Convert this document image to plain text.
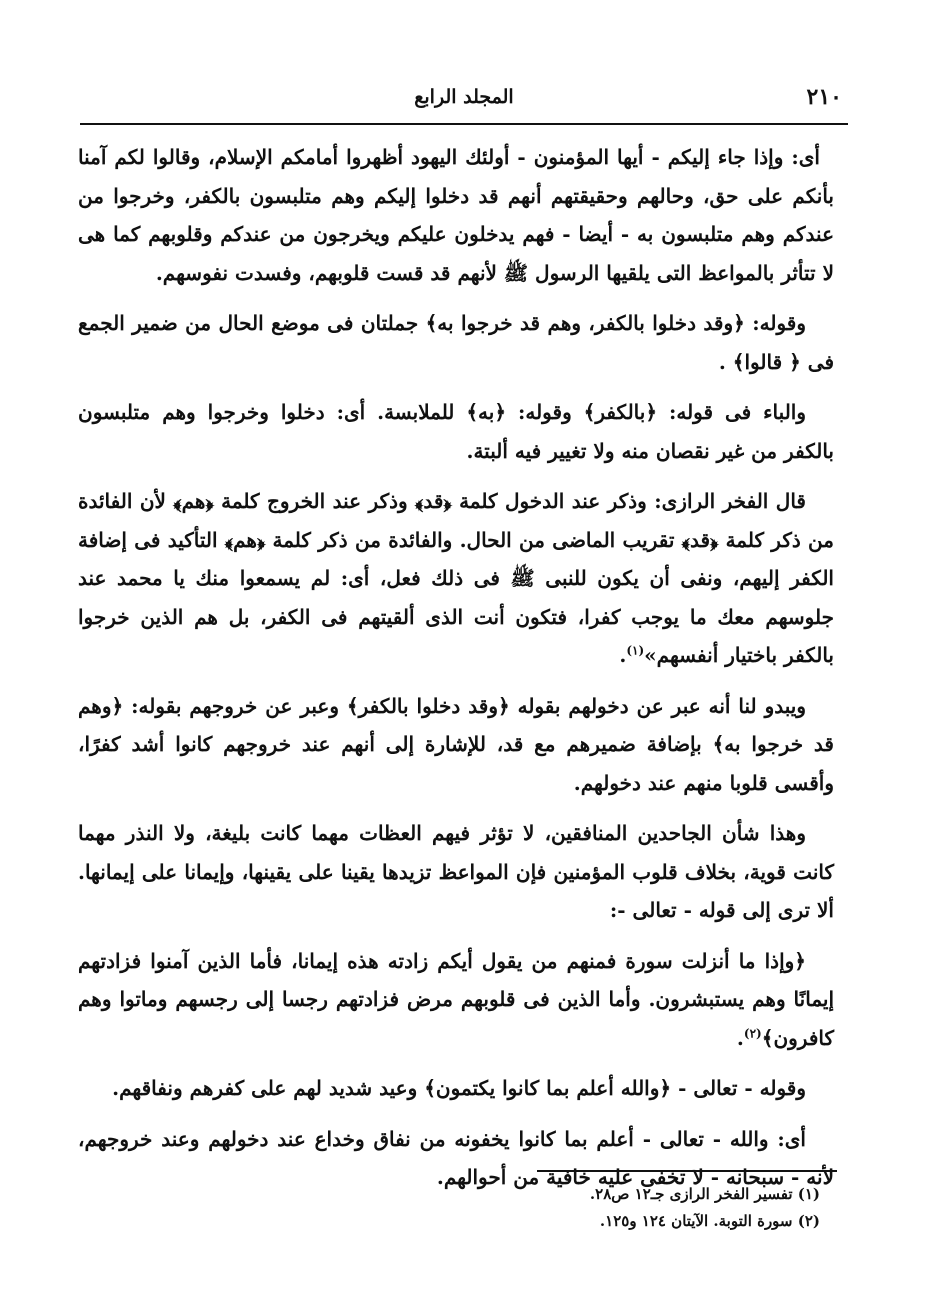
٢١٠
المجلد الرابع

أى: وإذا جاء إليكم - أيها المؤمنون - أولئك اليهود أظهروا أمامكم الإسلام، وقالوا لكم آمنا بأنكم على حق، وحالهم وحقيقتهم أنهم قد دخلوا إليكم وهم متلبسون بالكفر، وخرجوا من عندكم وهم متلبسون به - أيضا - فهم يدخلون عليكم ويخرجون من عندكم وقلوبهم كما هى لا تتأثر بالمواعظ التى يلقيها الرسول ﷺ لأنهم قد قست قلوبهم، وفسدت نفوسهم.

وقوله: ﴿وقد دخلوا بالكفر، وهم قد خرجوا به﴾ جملتان فى موضع الحال من ضمير الجمع فى ﴿ قالوا﴾ .

والباء فى قوله: ﴿بالكفر﴾ وقوله: ﴿به﴾ للملابسة. أى: دخلوا وخرجوا وهم متلبسون بالكفر من غير نقصان منه ولا تغيير فيه ألبتة.

قال الفخر الرازى: وذكر عند الدخول كلمة ﴿قد﴾ وذكر عند الخروج كلمة ﴿هم﴾ لأن الفائدة من ذكر كلمة ﴿قد﴾ تقريب الماضى من الحال. والفائدة من ذكر كلمة ﴿هم﴾ التأكيد فى إضافة الكفر إليهم، ونفى أن يكون للنبى ﷺ فى ذلك فعل، أى: لم يسمعوا منك يا محمد عند جلوسهم معك ما يوجب كفرا، فتكون أنت الذى ألقيتهم فى الكفر، بل هم الذين خرجوا بالكفر باختيار أنفسهم»$^{(١)}$.

ويبدو لنا أنه عبر عن دخولهم بقوله ﴿وقد دخلوا بالكفر﴾ وعبر عن خروجهم بقوله: ﴿وهم قد خرجوا به﴾ بإضافة ضميرهم مع قد، للإشارة إلى أنهم عند خروجهم كانوا أشد كفرًا، وأقسى قلوبا منهم عند دخولهم.

وهذا شأن الجاحدين المنافقين، لا تؤثر فيهم العظات مهما كانت بليغة، ولا النذر مهما كانت قوية، بخلاف قلوب المؤمنين فإن المواعظ تزيدها يقينا على يقينها، وإيمانا على إيمانها. ألا ترى إلى قوله - تعالى -:

﴿وإذا ما أنزلت سورة فمنهم من يقول أيكم زادته هذه إيمانا، فأما الذين آمنوا فزادتهم إيمانًا وهم يستبشرون. وأما الذين فى قلوبهم مرض فزادتهم رجسا إلى رجسهم وماتوا وهم كافرون﴾$^{(٢)}$.

وقوله - تعالى - ﴿والله أعلم بما كانوا يكتمون﴾ وعيد شديد لهم على كفرهم ونفاقهم.

أى: والله - تعالى - أعلم بما كانوا يخفونه من نفاق وخداع عند دخولهم وعند خروجهم، لأنه - سبحانه - لا تخفى عليه خافية من أحوالهم.

(١) تفسير الفخر الرازى جـ١٢ ص٢٨.

(٢) سورة التوبة. الآيتان ١٢٤ و١٢٥.
